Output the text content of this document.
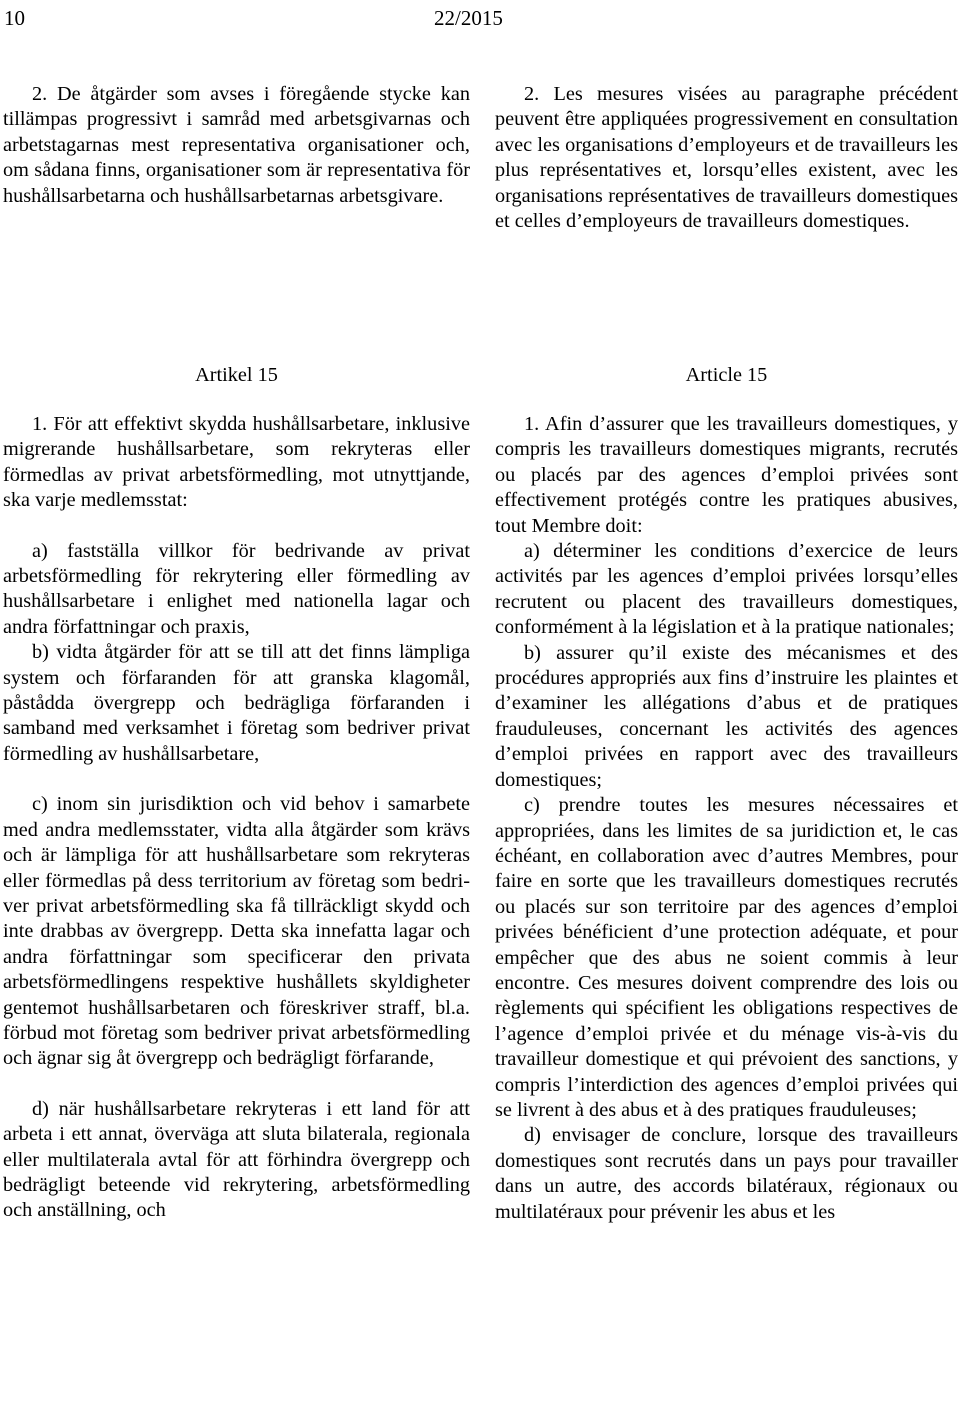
10	22/2015

2. De åtgärder som avses i föregående stycke kan tillämpas progressivt i samråd med arbetsgivarnas och arbetstagarnas mest representativa organisationer och, om sådana finns, organisationer som är representativa för hushållsarbetarna och hushållsarbetarnas arbetsgivare.

2. Les mesures visées au paragraphe précédent peuvent être appliquées progressivement en consultation avec les organisations d’employeurs et de travailleurs les plus représentatives et, lorsqu’elles existent, avec les organisations représentatives de travailleurs domestiques et celles d’employeurs de travailleurs domestiques.

Artikel 15	Article 15

1. För att effektivt skydda hushållsarbetare, inklusive migrerande hushållsarbetare, som rekryteras eller förmedlas av privat arbetsförmedling, mot utnyttjande, ska varje medlemsstat:

a) fastställa villkor för bedrivande av privat arbetsförmedling för rekrytering eller förmedling av hushållsarbetare i enlighet med nationella lagar och andra författningar och praxis,

b) vidta åtgärder för att se till att det finns lämpliga system och förfaranden för att granska klagomål, påstådda övergrepp och bedrägliga förfaranden i samband med verksamhet i företag som bedriver privat förmedling av hushållsarbetare,

c) inom sin jurisdiktion och vid behov i samarbete med andra medlemsstater, vidta alla åtgärder som krävs och är lämpliga för att hushållsarbetare som rekryteras eller förmedlas på dess territorium av företag som bedriver privat arbetsförmedling ska få tillräckligt skydd och inte drabbas av övergrepp. Detta ska innefatta lagar och andra författningar som specificerar den privata arbetsförmedlingens respektive hushållets skyldigheter gentemot hushållsarbetaren och föreskriver straff, bl.a. förbud mot företag som bedriver privat arbetsförmedling och ägnar sig åt övergrepp och bedrägligt förfarande,

d) när hushållsarbetare rekryteras i ett land för att arbeta i ett annat, överväga att sluta bilaterala, regionala eller multilaterala avtal för att förhindra övergrepp och bedrägligt beteende vid rekrytering, arbetsförmedling och anställning, och

1. Afin d’assurer que les travailleurs domestiques, y compris les travailleurs domestiques migrants, recrutés ou placés par des agences d’emploi privées sont effectivement protégés contre les pratiques abusives, tout Membre doit:

a) déterminer les conditions d’exercice de leurs activités par les agences d’emploi privées lorsqu’elles recrutent ou placent des travailleurs domestiques, conformément à la législation et à la pratique nationales;

b) assurer qu’il existe des mécanismes et des procédures appropriés aux fins d’instruire les plaintes et d’examiner les allégations d’abus et de pratiques frauduleuses, concernant les activités des agences d’emploi privées en rapport avec des travailleurs domestiques;

c) prendre toutes les mesures nécessaires et appropriées, dans les limites de sa juridiction et, le cas échéant, en collaboration avec d’autres Membres, pour faire en sorte que les travailleurs domestiques recrutés ou placés sur son territoire par des agences d’emploi privées bénéficient d’une protection adéquate, et pour empêcher que des abus ne soient commis à leur encontre. Ces mesures doivent comprendre des lois ou règlements qui spécifient les obligations respectives de l’agence d’emploi privée et du ménage vis-à-vis du travailleur domestique et qui prévoient des sanctions, y compris l’interdiction des agences d’emploi privées qui se livrent à des abus et à des pratiques frauduleuses;

d) envisager de conclure, lorsque des travailleurs domestiques sont recrutés dans un pays pour travailler dans un autre, des accords bilatéraux, régionaux ou multilatéraux pour prévenir les abus et les
